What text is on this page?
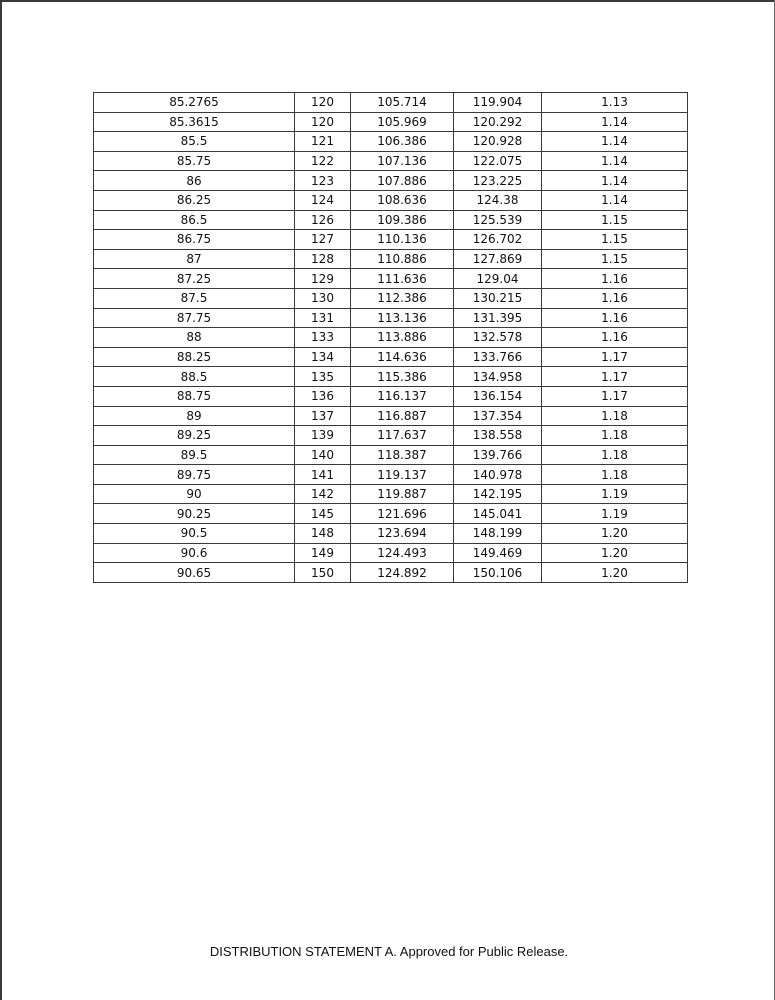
85.2765	120	105.714	119.904	1.13
85.3615	120	105.969	120.292	1.14
85.5	121	106.386	120.928	1.14
85.75	122	107.136	122.075	1.14
86	123	107.886	123.225	1.14
86.25	124	108.636	124.38	1.14
86.5	126	109.386	125.539	1.15
86.75	127	110.136	126.702	1.15
87	128	110.886	127.869	1.15
87.25	129	111.636	129.04	1.16
87.5	130	112.386	130.215	1.16
87.75	131	113.136	131.395	1.16
88	133	113.886	132.578	1.16
88.25	134	114.636	133.766	1.17
88.5	135	115.386	134.958	1.17
88.75	136	116.137	136.154	1.17
89	137	116.887	137.354	1.18
89.25	139	117.637	138.558	1.18
89.5	140	118.387	139.766	1.18
89.75	141	119.137	140.978	1.18
90	142	119.887	142.195	1.19
90.25	145	121.696	145.041	1.19
90.5	148	123.694	148.199	1.20
90.6	149	124.493	149.469	1.20
90.65	150	124.892	150.106	1.20
DISTRIBUTION STATEMENT A. Approved for Public Release.
